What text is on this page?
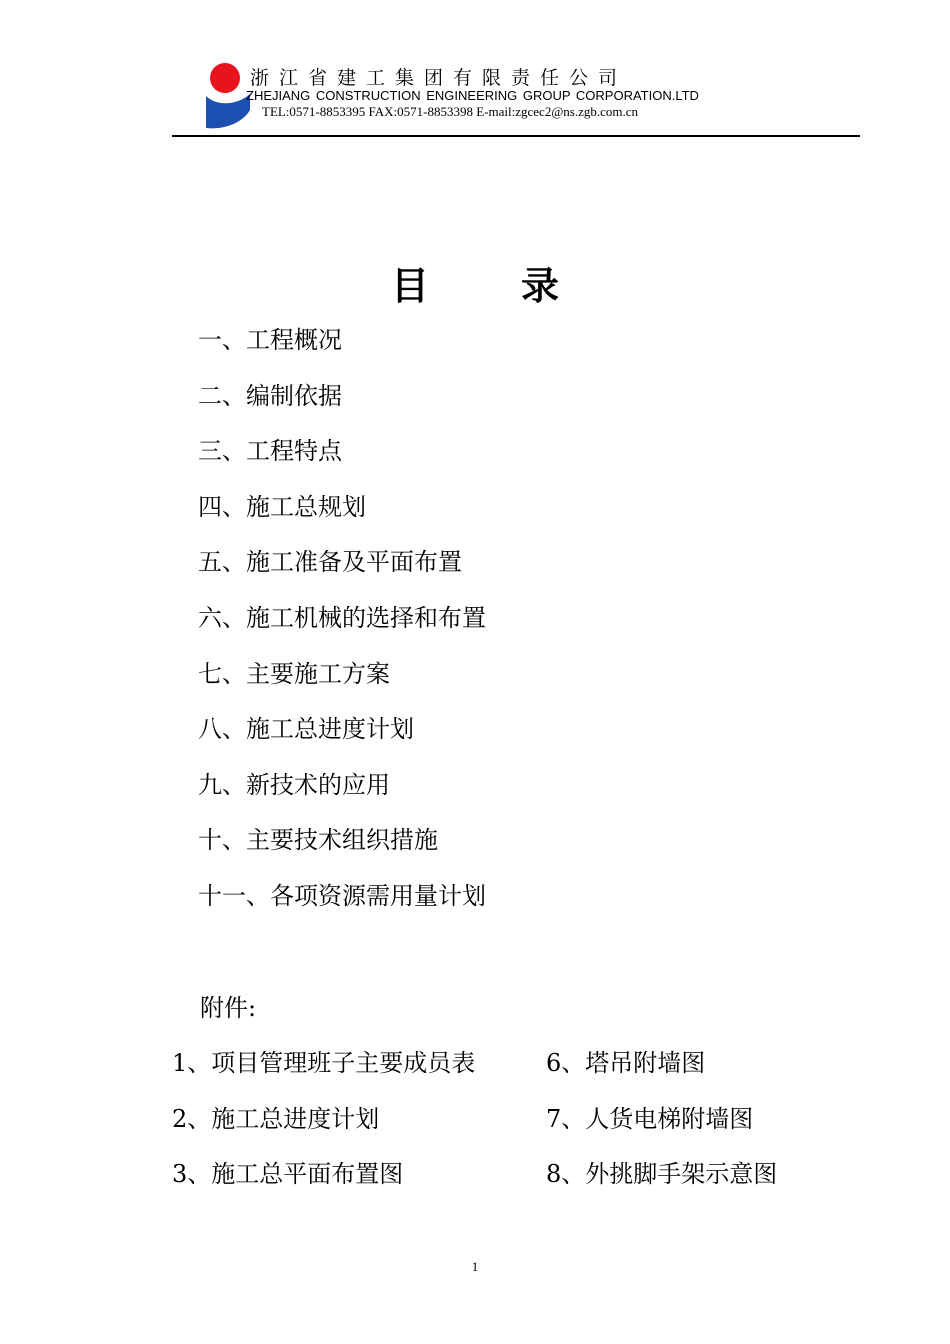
浙江省建工集团有限责任公司
ZHEJIANG CONSTRUCTION ENGINEERING GROUP CORPORATION.LTD
TEL:0571-8853395 FAX:0571-8853398 E-mail:zgcec2@ns.zgb.com.cn
目录
一、工程概况
二、编制依据
三、工程特点
四、施工总规划
五、施工准备及平面布置
六、施工机械的选择和布置
七、主要施工方案
八、施工总进度计划
九、新技术的应用
十、主要技术组织措施
十一、各项资源需用量计划
附件:
1、项目管理班子主要成员表
2、施工总进度计划
3、施工总平面布置图
6、塔吊附墙图
7、人货电梯附墙图
8、外挑脚手架示意图
1
